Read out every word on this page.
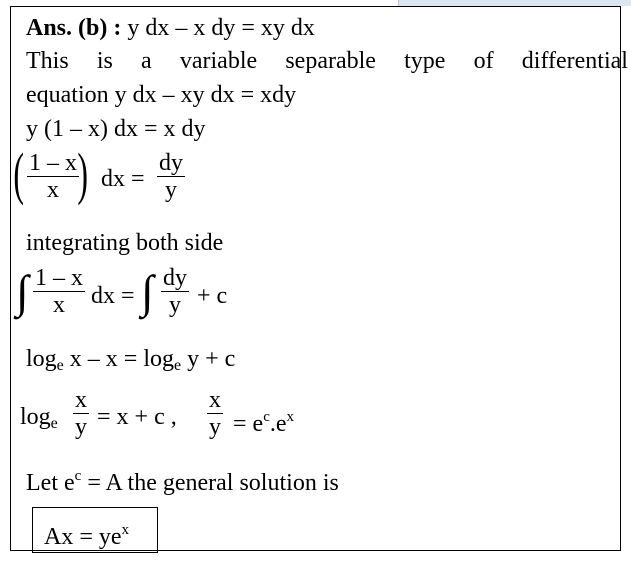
Ans. (b) : y dx – x dy = xy dx
This is a variable separable type of differential
equation y dx – xy dx = xdy
y (1 – x) dx = x dy
( 1 – x
x ) dx =
dy
y
integrating both side
∫ 1 – x
x dx = ∫ dy
y + c
$\log_e x - x = \log_e y + c$
$\log_e$
x
y = x + c ,
x
$y = e^c.e^x$
Let $e^c = A$ the general solution is
$Ax = ye^x$
